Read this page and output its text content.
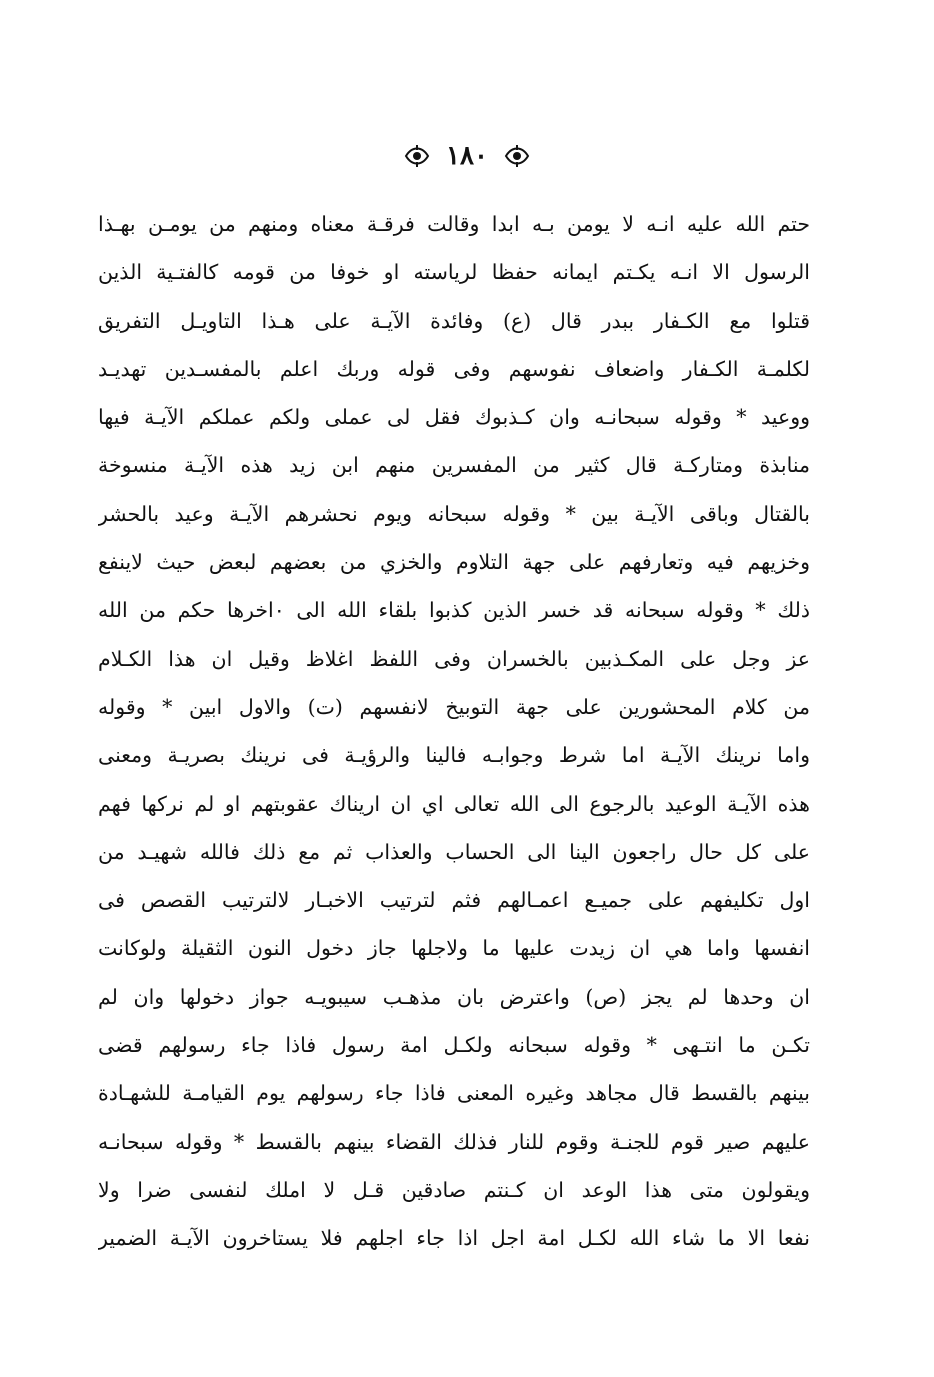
١٨٠
حتم الله عليه انـه لا يومن بـه ابدا وقالت فرقـة معناه ومنهم من يومـن بهـذا
الرسول الا انـه يكـتم ايمانه حفظا لرياسته او خوفا من قومه كالفتـية الذين
قتلوا مع الكـفار ببدر قال (ع) وفائدة الآيـة على هـذا التاويـل التفريق
لكلمـة الكـفار واضعاف نفوسهم وفى قوله وربك اعلم بالمفسـدين تهديـد
ووعيد * وقوله سبحانـه وان كـذبوك فقل لى عملى ولكم عملكم الآيـة فيها
منابذة ومتاركـة قال كثير من المفسرين منهم ابن زيد هذه الآيـة منسوخة
بالقتال وباقى الآيـة بين * وقوله سبحانه ويوم نحشرهم الآيـة وعيد بالحشر
وخزيهم فيه وتعارفهم على جهة التلاوم والخزي من بعضهم لبعض حيث لاينفع
ذلك * وقوله سبحانه قد خسر الذين كذبوا بلقاء الله الى ٠اخرها حكم من الله
عز وجل على المكـذبين بالخسران وفى اللفظ اغلاظ وقيل ان هذا الكـلام
من كلام المحشورين على جهة التوبيخ لانفسهم (ت) والاول ابين * وقوله
واما نرينك الآيـة اما شرط وجوابـه فالينا والرؤيـة فى نرينك بصريـة ومعنى
هذه الآيـة الوعيد بالرجوع الى الله تعالى اي ان اريناك عقوبتهم او لم نركها فهم
على كل حال راجعون الينا الى الحساب والعذاب ثم مع ذلك فالله شهيـد من
اول تكليفهم على جميـع اعمـالهم فثم لترتيب الاخبـار لالترتيب القصص فى
انفسها واما هي ان زيدت عليها ما ولاجلها جاز دخول النون الثقيلة ولوكانت
ان وحدها لم يجز (ص) واعترض بان مذهـب سيبويـه جواز دخولها وان لم
تكـن ما انتـهى * وقوله سبحانه ولكـل امة رسول فاذا جاء رسولهم قضى
بينهم بالقسط قال مجاهد وغيره المعنى فاذا جاء رسولهم يوم القيامـة للشهـادة
عليهم صير قوم للجنـة وقوم للنار فذلك القضاء بينهم بالقسط * وقوله سبحانـه
ويقولون متى هذا الوعد ان كـنتم صادقين قـل لا املك لنفسى ضرا ولا
نفعا الا ما شاء الله لكـل امة اجل اذا جاء اجلهم فلا يستاخرون الآيـة الضمير
